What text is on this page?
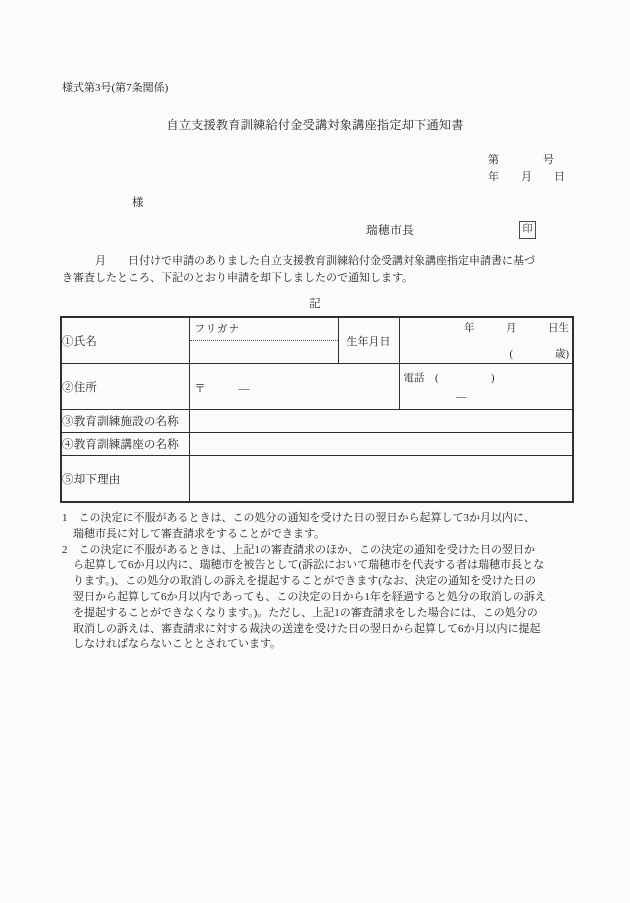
様式第3号(第7条関係)
自立支援教育訓練給付金受講対象講座指定却下通知書
第　　　　号
年　　月　　日
様
瑞穂市長	印
　　　月　　日付けで申請のありました自立支援教育訓練給付金受講対象講座指定申請書に基づ
き審査したところ、下記のとおり申請を却下しましたので通知します。
記
①氏名	フリガナ	生年月日	年　　　月　　　日生
(　　　　歳)

②住所	〒　　　―		電話　(　　　　　)
　　　　　―

③教育訓練施設の名称			
④教育訓練講座の名称			
⑤却下理由			
1　この決定に不服があるときは、この処分の通知を受けた日の翌日から起算して3か月以内に、
　瑞穂市長に対して審査請求をすることができます。
2　この決定に不服があるときは、上記1の審査請求のほか、この決定の通知を受けた日の翌日か
　ら起算して6か月以内に、瑞穂市を被告として(訴訟において瑞穂市を代表する者は瑞穂市長とな
　ります。)、この処分の取消しの訴えを提起することができます(なお、決定の通知を受けた日の
　翌日から起算して6か月以内であっても、この決定の日から1年を経過すると処分の取消しの訴え
　を提起することができなくなります。)。ただし、上記1の審査請求をした場合には、この処分の
　取消しの訴えは、審査請求に対する裁決の送達を受けた日の翌日から起算して6か月以内に提起
　しなければならないこととされています。
